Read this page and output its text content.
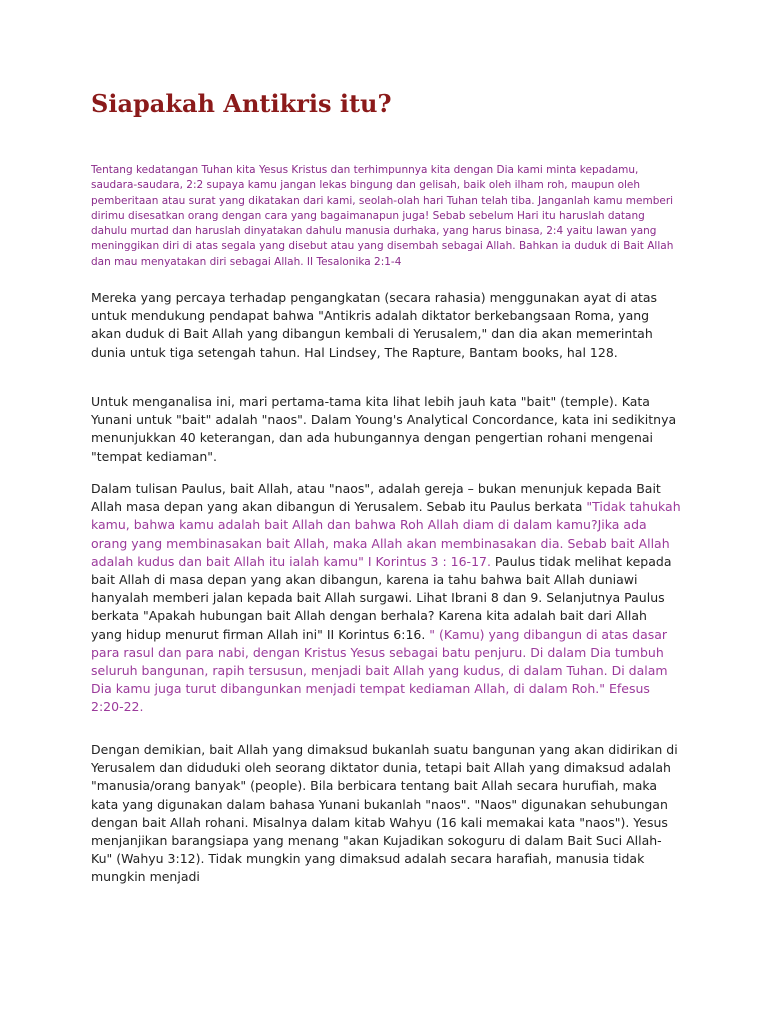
Siapakah Antikris itu?

Tentang kedatangan Tuhan kita Yesus Kristus dan terhimpunnya kita dengan Dia kami minta kepadamu, saudara-saudara, 2:2 supaya kamu jangan lekas bingung dan gelisah, baik oleh ilham roh, maupun oleh pemberitaan atau surat yang dikatakan dari kami, seolah-olah hari Tuhan telah tiba. Janganlah kamu memberi dirimu disesatkan orang dengan cara yang bagaimanapun juga! Sebab sebelum Hari itu haruslah datang dahulu murtad dan haruslah dinyatakan dahulu manusia durhaka, yang harus binasa, 2:4 yaitu lawan yang meninggikan diri di atas segala yang disebut atau yang disembah sebagai Allah. Bahkan ia duduk di Bait Allah dan mau menyatakan diri sebagai Allah. II Tesalonika 2:1-4

Mereka yang percaya terhadap pengangkatan (secara rahasia) menggunakan ayat di atas untuk mendukung pendapat bahwa "Antikris adalah diktator berkebangsaan Roma, yang akan duduk di Bait Allah yang dibangun kembali di Yerusalem," dan dia akan memerintah dunia untuk tiga setengah tahun. Hal Lindsey, The Rapture, Bantam books, hal 128.

Untuk menganalisa ini, mari pertama-tama kita lihat lebih jauh kata "bait" (temple). Kata Yunani untuk "bait" adalah "naos". Dalam Young's Analytical Concordance, kata ini sedikitnya menunjukkan 40 keterangan, dan ada hubungannya dengan pengertian rohani mengenai "tempat kediaman".

Dalam tulisan Paulus, bait Allah, atau "naos", adalah gereja – bukan menunjuk kepada Bait Allah masa depan yang akan dibangun di Yerusalem. Sebab itu Paulus berkata "Tidak tahukah kamu, bahwa kamu adalah bait Allah dan bahwa Roh Allah diam di dalam kamu?Jika ada orang yang membinasakan bait Allah, maka Allah akan membinasakan dia. Sebab bait Allah adalah kudus dan bait Allah itu ialah kamu" I Korintus 3 : 16-17. Paulus tidak melihat kepada bait Allah di masa depan yang akan dibangun, karena ia tahu bahwa bait Allah duniawi hanyalah memberi jalan kepada bait Allah surgawi. Lihat Ibrani 8 dan 9. Selanjutnya Paulus berkata "Apakah hubungan bait Allah dengan berhala? Karena kita adalah bait dari Allah yang hidup menurut firman Allah ini" II Korintus 6:16. " (Kamu) yang dibangun di atas dasar para rasul dan para nabi, dengan Kristus Yesus sebagai batu penjuru. Di dalam Dia tumbuh seluruh bangunan, rapih tersusun, menjadi bait Allah yang kudus, di dalam Tuhan. Di dalam Dia kamu juga turut dibangunkan menjadi tempat kediaman Allah, di dalam Roh." Efesus 2:20-22.

Dengan demikian, bait Allah yang dimaksud bukanlah suatu bangunan yang akan didirikan di Yerusalem dan diduduki oleh seorang diktator dunia, tetapi bait Allah yang dimaksud adalah "manusia/orang banyak" (people). Bila berbicara tentang bait Allah secara hurufiah, maka kata yang digunakan dalam bahasa Yunani bukanlah "naos". "Naos" digunakan sehubungan dengan bait Allah rohani. Misalnya dalam kitab Wahyu (16 kali memakai kata "naos"). Yesus menjanjikan barangsiapa yang menang "akan Kujadikan sokoguru di dalam Bait Suci Allah-Ku" (Wahyu 3:12). Tidak mungkin yang dimaksud adalah secara harafiah, manusia tidak mungkin menjadi
